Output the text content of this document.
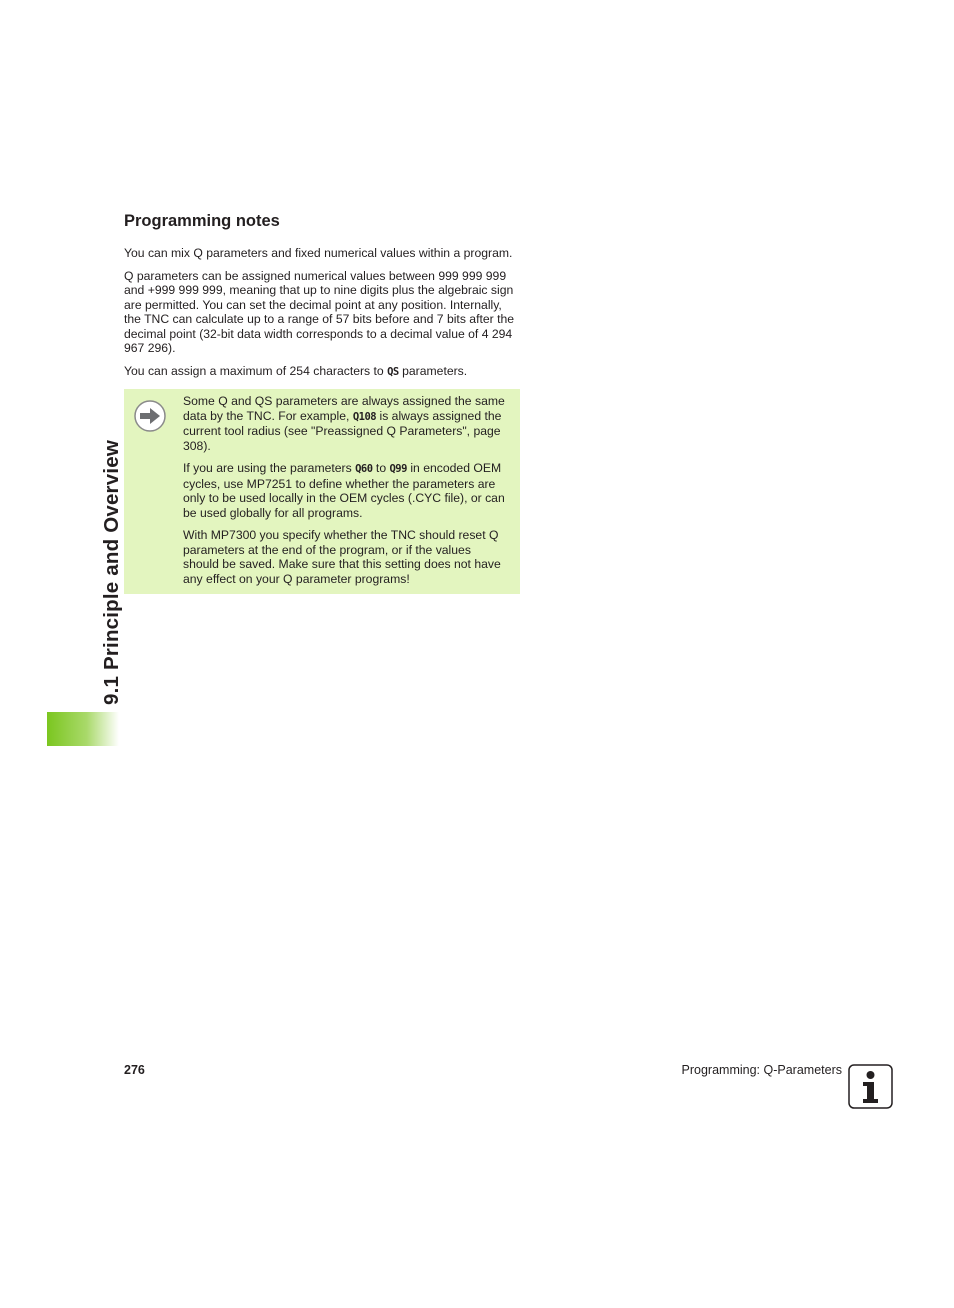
9.1 Principle and Overview
Programming notes

You can mix Q parameters and fixed numerical values within a program.

Q parameters can be assigned numerical values between 999 999 999 and +999 999 999, meaning that up to nine digits plus the algebraic sign are permitted. You can set the decimal point at any position. Internally, the TNC can calculate up to a range of 57 bits before and 7 bits after the decimal point (32-bit data width corresponds to a decimal value of 4 294 967 296).

You can assign a maximum of 254 characters to QS parameters.

Some Q and QS parameters are always assigned the same data by the TNC. For example, Q108 is always assigned the current tool radius (see "Preassigned Q Parameters", page 308).

If you are using the parameters Q60 to Q99 in encoded OEM cycles, use MP7251 to define whether the parameters are only to be used locally in the OEM cycles (.CYC file), or can be used globally for all programs.

With MP7300 you specify whether the TNC should reset Q parameters at the end of the program, or if the values should be saved. Make sure that this setting does not have any effect on your Q parameter programs!

276	Programming: Q-Parameters
